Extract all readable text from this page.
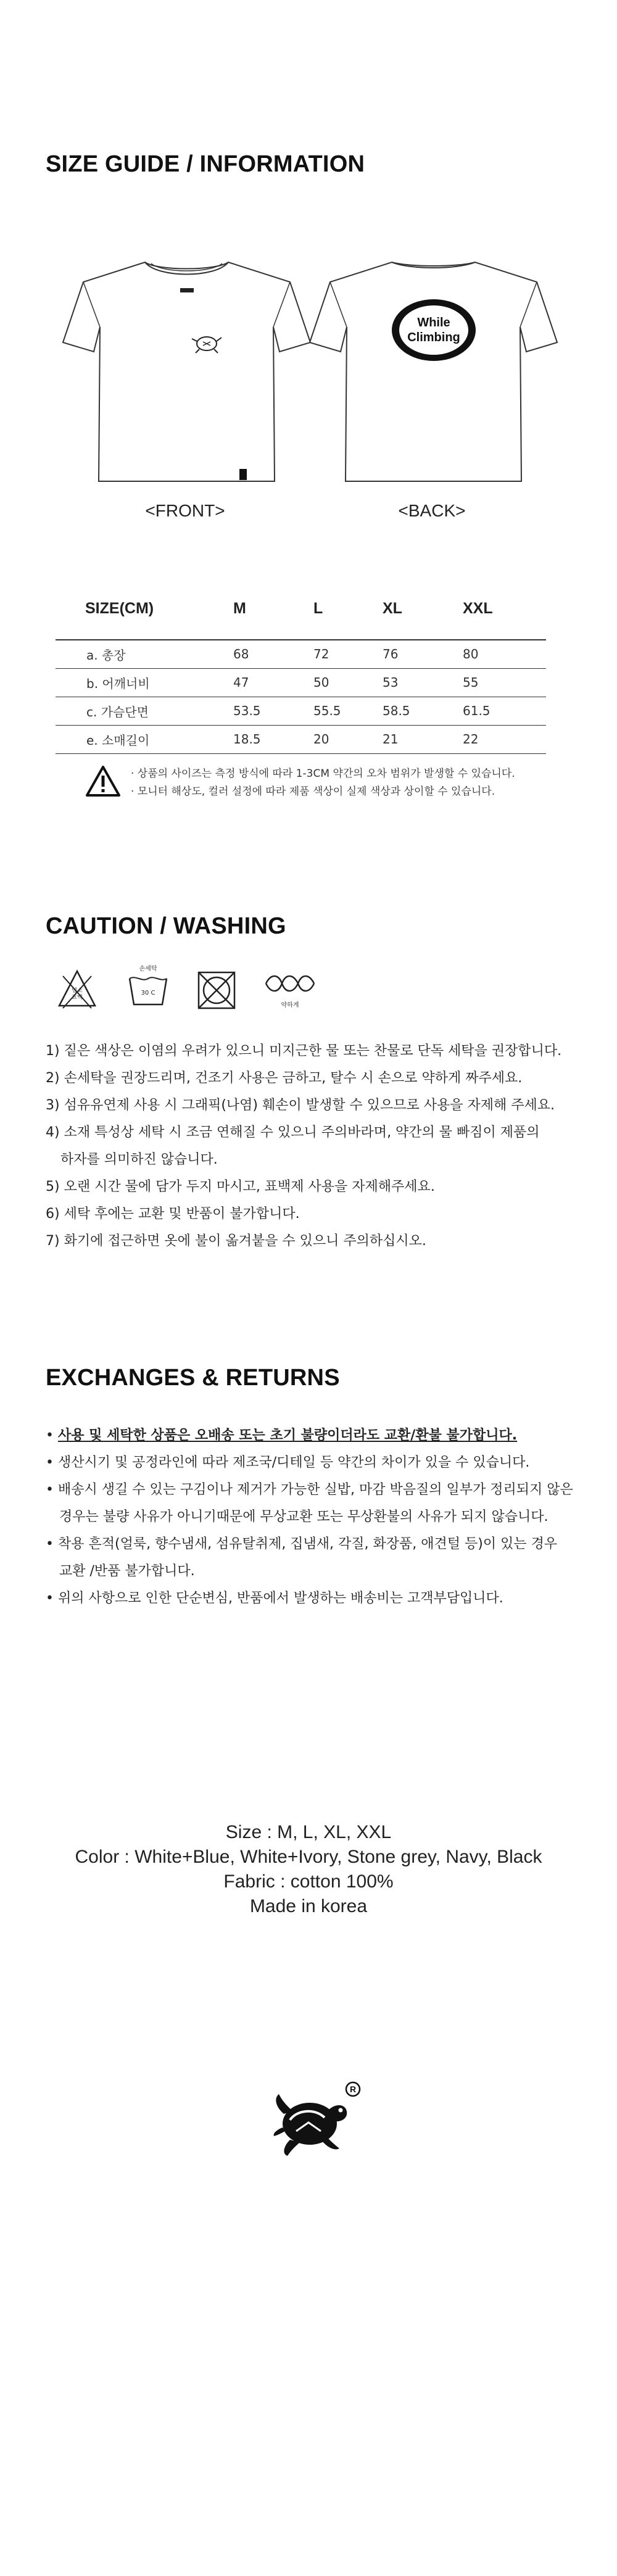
SIZE GUIDE / INFORMATION
While
Climbing
<FRONT>	<BACK>
SIZE(CM)	M	L	XL	XXL
a. 총장	68	72	76	80
b. 어깨너비	47	50	53	55
c. 가슴단면	53.5	55.5	58.5	61.5
e. 소매길이	18.5	20	21	22
· 상품의 사이즈는 측정 방식에 따라 1-3CM 약간의 오차 범위가 발생할 수 있습니다.
· 모니터 해상도, 컬러 설정에 따라 제품 색상이 실제 색상과 상이할 수 있습니다.
CAUTION / WASHING
염소
표백
손세탁
30 C
약하게
1) 짙은 색상은 이염의 우려가 있으니 미지근한 물 또는 찬물로 단독 세탁을 권장합니다.
2) 손세탁을 권장드리며, 건조기 사용은 금하고, 탈수 시 손으로 약하게 짜주세요.
3) 섬유유연제 사용 시 그래픽(나염) 훼손이 발생할 수 있으므로 사용을 자제해 주세요.
4) 소재 특성상 세탁 시 조금 연해질 수 있으니 주의바라며, 약간의 물 빠짐이 제품의
하자를 의미하진 않습니다.
5) 오랜 시간 물에 담가 두지 마시고, 표백제 사용을 자제해주세요.
6) 세탁 후에는 교환 및 반품이 불가합니다.
7) 화기에 접근하면 옷에 불이 옮겨붙을 수 있으니 주의하십시오.
EXCHANGES & RETURNS
• 사용 및 세탁한 상품은 오배송 또는 초기 불량이더라도 교환/환불 불가합니다.
• 생산시기 및 공정라인에 따라 제조국/디테일 등 약간의 차이가 있을 수 있습니다.
• 배송시 생길 수 있는 구김이나 제거가 가능한 실밥, 마감 박음질의 일부가 정리되지 않은
경우는 불량 사유가 아니기때문에 무상교환 또는 무상환불의 사유가 되지 않습니다.
• 착용 흔적(얼룩, 향수냄새, 섬유탈취제, 집냄새, 각질, 화장품, 애견털 등)이 있는 경우
교환 /반품 불가합니다.
• 위의 사항으로 인한 단순변심, 반품에서 발생하는 배송비는 고객부담입니다.
Size : M, L, XL, XXL
Color : White+Blue, White+Ivory, Stone grey, Navy, Black
Fabric : cotton 100%
Made in korea
R
